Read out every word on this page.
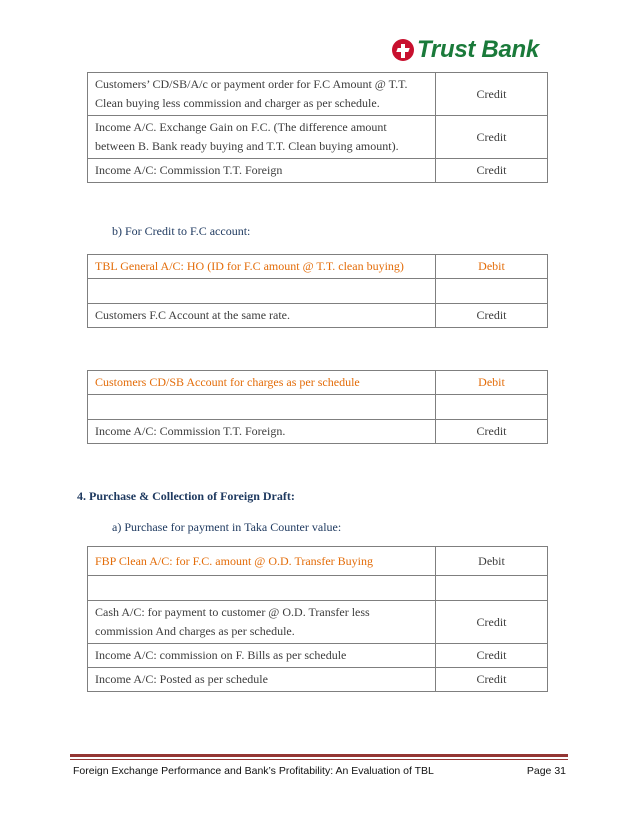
Trust Bank
Customers’ CD/SB/A/c or payment order for F.C Amount @ T.T. Clean buying less commission and charger as per schedule.	Credit
Income A/C. Exchange Gain on F.C. (The difference amount between B. Bank ready buying and T.T. Clean buying amount).	Credit
Income A/C: Commission T.T. Foreign	Credit
b) For Credit to F.C account:
TBL General A/C: HO (ID for F.C amount @ T.T. clean buying)	Debit

Customers F.C Account at the same rate.	Credit
Customers CD/SB Account for charges as per schedule	Debit

Income A/C: Commission T.T. Foreign.	Credit
4. Purchase & Collection of Foreign Draft:
a) Purchase for payment in Taka Counter value:
FBP Clean A/C: for F.C. amount @ O.D. Transfer Buying	Debit

Cash A/C: for payment to customer @ O.D. Transfer less commission And charges as per schedule.	Credit
Income A/C: commission on F. Bills as per schedule	Credit
Income A/C: Posted as per schedule	Credit
Foreign Exchange Performance and Bank’s Profitability: An Evaluation of TBL	Page 31
